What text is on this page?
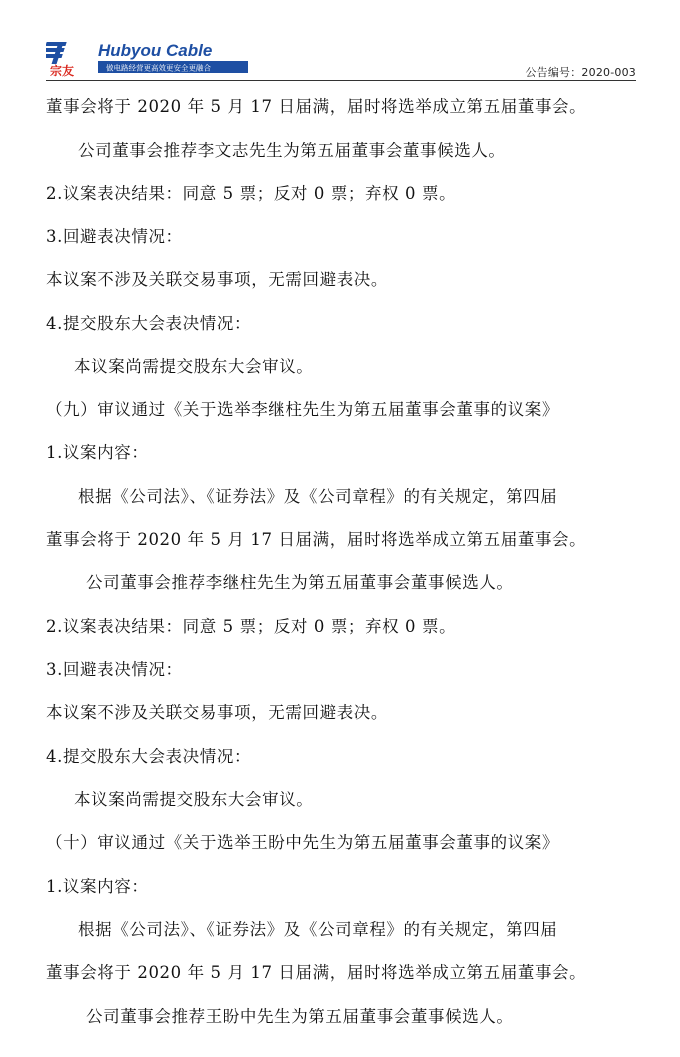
宗友
Hubyou Cable
做电路经营更高效更安全更融合	公告编号：2020-003
董事会将于 2020 年 5 月 17 日届满，届时将选举成立第五届董事会。
公司董事会推荐李文志先生为第五届董事会董事候选人。
2.议案表决结果：同意 5 票；反对 0 票；弃权 0 票。
3.回避表决情况：
本议案不涉及关联交易事项，无需回避表决。
4.提交股东大会表决情况：
本议案尚需提交股东大会审议。
（九）审议通过《关于选举李继柱先生为第五届董事会董事的议案》
1.议案内容：
根据《公司法》、《证券法》及《公司章程》的有关规定，第四届
董事会将于 2020 年 5 月 17 日届满，届时将选举成立第五届董事会。
公司董事会推荐李继柱先生为第五届董事会董事候选人。
2.议案表决结果：同意 5 票；反对 0 票；弃权 0 票。
3.回避表决情况：
本议案不涉及关联交易事项，无需回避表决。
4.提交股东大会表决情况：
本议案尚需提交股东大会审议。
（十）审议通过《关于选举王盼中先生为第五届董事会董事的议案》
1.议案内容：
根据《公司法》、《证券法》及《公司章程》的有关规定，第四届
董事会将于 2020 年 5 月 17 日届满，届时将选举成立第五届董事会。
公司董事会推荐王盼中先生为第五届董事会董事候选人。
